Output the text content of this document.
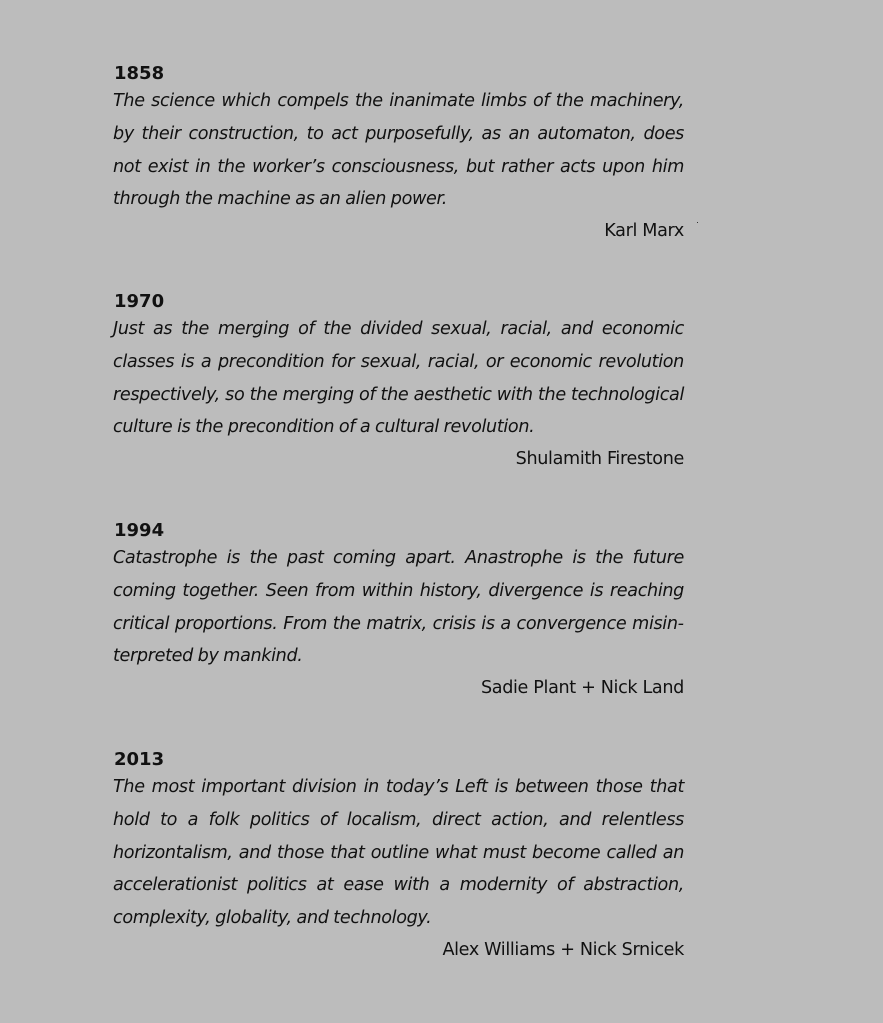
1858

The science which compels the inanimate limbs of the machinery, by their construction, to act purposefully, as an automaton, does not exist in the worker’s consciousness, but rather acts upon him through the machine as an alien power.

Karl Marx
1970

Just as the merging of the divided sexual, racial, and economic classes is a precondition for sexual, racial, or economic revolution respectively, so the merging of the aesthetic with the technological culture is the precondition of a cultural revolution.

Shulamith Firestone
1994

Catastrophe is the past coming apart. Anastrophe is the future coming together. Seen from within history, divergence is reaching critical proportions. From the matrix, crisis is a convergence misinterpreted by mankind.

Sadie Plant + Nick Land
2013

The most important division in today’s Left is between those that hold to a folk politics of localism, direct action, and relentless horizontalism, and those that outline what must become called an accelerationist politics at ease with a modernity of abstraction, complexity, globality, and technology.

Alex Williams + Nick Srnicek
